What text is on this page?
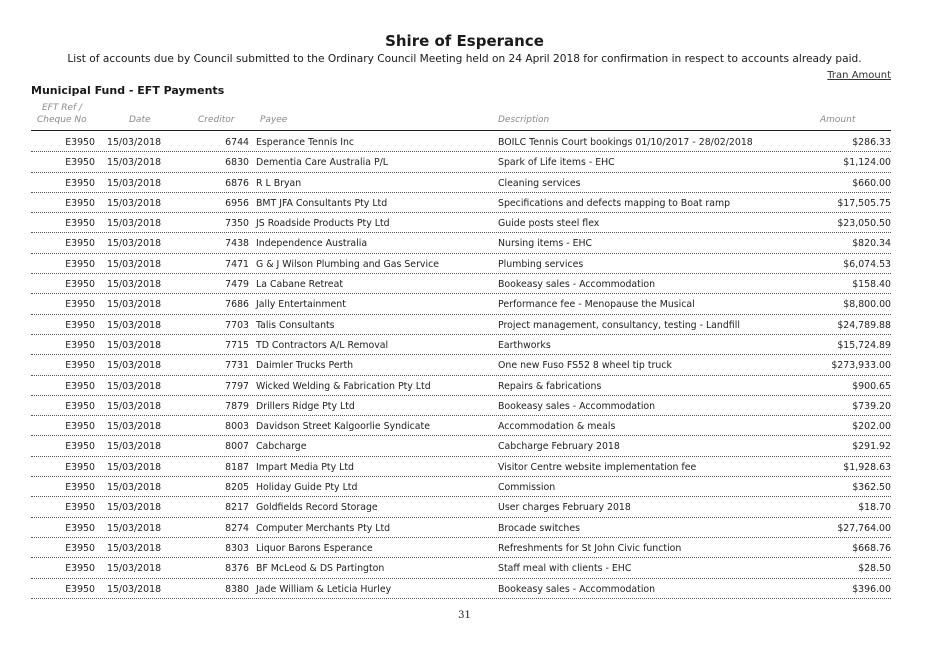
Shire of Esperance
List of accounts due by Council submitted to the Ordinary Council Meeting held on 24 April 2018 for confirmation in respect to accounts already paid.
Tran Amount
Municipal Fund - EFT Payments
EFT Ref /
Cheque No	Date	Creditor	Payee	Description	Amount
E3950 15/03/2018	6744 Esperance Tennis Inc	BOILC Tennis Court bookings 01/10/2017 - 28/02/2018	$286.33
E3950 15/03/2018	6830 Dementia Care Australia P/L	Spark of Life items - EHC	$1,124.00
E3950 15/03/2018	6876 R L Bryan	Cleaning services	$660.00
E3950 15/03/2018	6956 BMT JFA Consultants Pty Ltd	Specifications and defects mapping to Boat ramp	$17,505.75
E3950 15/03/2018	7350 JS Roadside Products Pty Ltd	Guide posts steel flex	$23,050.50
E3950 15/03/2018	7438 Independence Australia	Nursing items - EHC	$820.34
E3950 15/03/2018	7471 G & J Wilson Plumbing and Gas Service	Plumbing services	$6,074.53
E3950 15/03/2018	7479 La Cabane Retreat	Bookeasy sales - Accommodation	$158.40
E3950 15/03/2018	7686 Jally Entertainment	Performance fee - Menopause the Musical	$8,800.00
E3950 15/03/2018	7703 Talis Consultants	Project management, consultancy, testing - Landfill	$24,789.88
E3950 15/03/2018	7715 TD Contractors A/L Removal	Earthworks	$15,724.89
E3950 15/03/2018	7731 Daimler Trucks Perth	One new Fuso FS52 8 wheel tip truck	$273,933.00
E3950 15/03/2018	7797 Wicked Welding & Fabrication Pty Ltd	Repairs & fabrications	$900.65
E3950 15/03/2018	7879 Drillers Ridge Pty Ltd	Bookeasy sales - Accommodation	$739.20
E3950 15/03/2018	8003 Davidson Street Kalgoorlie Syndicate	Accommodation & meals	$202.00
E3950 15/03/2018	8007 Cabcharge	Cabcharge February 2018	$291.92
E3950 15/03/2018	8187 Impart Media Pty Ltd	Visitor Centre website implementation fee	$1,928.63
E3950 15/03/2018	8205 Holiday Guide Pty Ltd	Commission	$362.50
E3950 15/03/2018	8217 Goldfields Record Storage	User charges February 2018	$18.70
E3950 15/03/2018	8274 Computer Merchants Pty Ltd	Brocade switches	$27,764.00
E3950 15/03/2018	8303 Liquor Barons Esperance	Refreshments for St John Civic function	$668.76
E3950 15/03/2018	8376 BF McLeod & DS Partington	Staff meal with clients - EHC	$28.50
E3950 15/03/2018	8380 Jade William & Leticia Hurley	Bookeasy sales - Accommodation	$396.00
31
